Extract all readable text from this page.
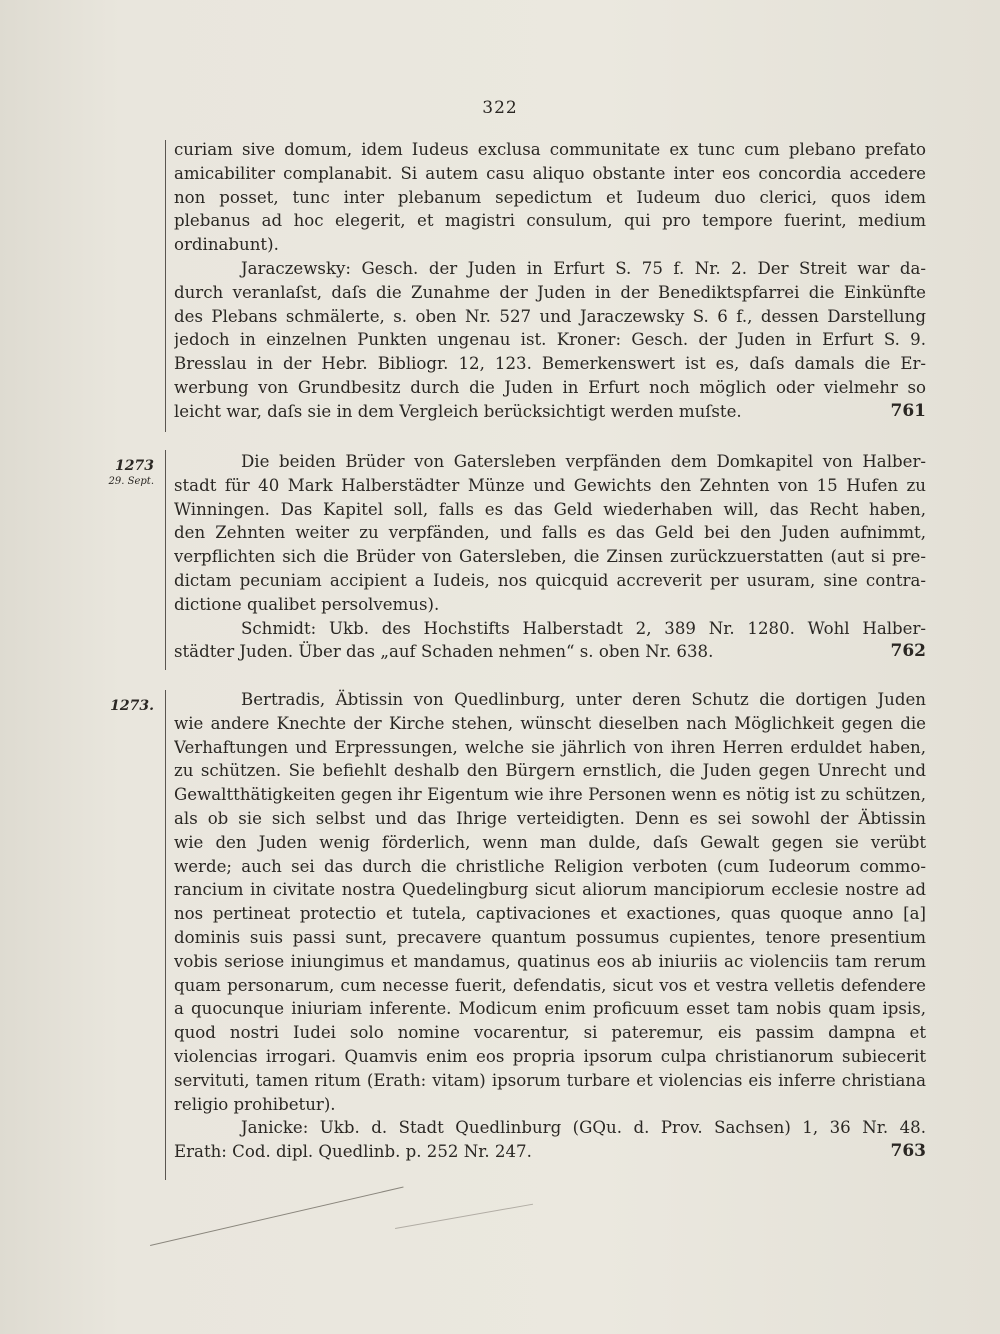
322
curiam sive domum, idem Iudeus exclusa communitate ex tunc cum plebano prefato
amicabiliter complanabit. Si autem casu aliquo obstante inter eos concordia accedere
non posset, tunc inter plebanum sepedictum et Iudeum duo clerici, quos idem
plebanus ad hoc elegerit, et magistri consulum, qui pro tempore fuerint, medium
ordinabunt).
Jaraczewsky: Gesch. der Juden in Erfurt S. 75 f. Nr. 2. Der Streit war da-
durch veranlaſst, daſs die Zunahme der Juden in der Benediktspfarrei die Einkünfte
des Plebans schmälerte, s. oben Nr. 527 und Jaraczewsky S. 6 f., dessen Darstellung
jedoch in einzelnen Punkten ungenau ist. Kroner: Gesch. der Juden in Erfurt S. 9.
Bresslau in der Hebr. Bibliogr. 12, 123. Bemerkenswert ist es, daſs damals die Er-
werbung von Grundbesitz durch die Juden in Erfurt noch möglich oder vielmehr so
leicht war, daſs sie in dem Vergleich berücksichtigt werden muſste.	761
1273
29. Sept.
Die beiden Brüder von Gatersleben verpfänden dem Domkapitel von Halber-
stadt für 40 Mark Halberstädter Münze und Gewichts den Zehnten von 15 Hufen zu
Winningen. Das Kapitel soll, falls es das Geld wiederhaben will, das Recht haben,
den Zehnten weiter zu verpfänden, und falls es das Geld bei den Juden aufnimmt,
verpflichten sich die Brüder von Gatersleben, die Zinsen zurückzuerstatten (aut si pre-
dictam pecuniam accipient a Iudeis, nos quicquid accreverit per usuram, sine contra-
dictione qualibet persolvemus).
Schmidt: Ukb. des Hochstifts Halberstadt 2, 389 Nr. 1280. Wohl Halber-
städter Juden. Über das „auf Schaden nehmen“ s. oben Nr. 638.	762
1273.	Bertradis, Äbtissin von Quedlinburg, unter deren Schutz die dortigen Juden
wie andere Knechte der Kirche stehen, wünscht dieselben nach Möglichkeit gegen die
Verhaftungen und Erpressungen, welche sie jährlich von ihren Herren erduldet haben,
zu schützen. Sie befiehlt deshalb den Bürgern ernstlich, die Juden gegen Unrecht und
Gewaltthätigkeiten gegen ihr Eigentum wie ihre Personen wenn es nötig ist zu schützen,
als ob sie sich selbst und das Ihrige verteidigten. Denn es sei sowohl der Äbtissin
wie den Juden wenig förderlich, wenn man dulde, daſs Gewalt gegen sie verübt
werde; auch sei das durch die christliche Religion verboten (cum Iudeorum commo-
rancium in civitate nostra Quedelingburg sicut aliorum mancipiorum ecclesie nostre ad
nos pertineat protectio et tutela, captivaciones et exactiones, quas quoque anno [a]
dominis suis passi sunt, precavere quantum possumus cupientes, tenore presentium
vobis seriose iniungimus et mandamus, quatinus eos ab iniuriis ac violenciis tam rerum
quam personarum, cum necesse fuerit, defendatis, sicut vos et vestra velletis defendere
a quocunque iniuriam inferente. Modicum enim proficuum esset tam nobis quam ipsis,
quod nostri Iudei solo nomine vocarentur, si pateremur, eis passim dampna et
violencias irrogari. Quamvis enim eos propria ipsorum culpa christianorum subiecerit
servituti, tamen ritum (Erath: vitam) ipsorum turbare et violencias eis inferre christiana
religio prohibetur).
Janicke: Ukb. d. Stadt Quedlinburg (GQu. d. Prov. Sachsen) 1, 36 Nr. 48.
Erath: Cod. dipl. Quedlinb. p. 252 Nr. 247.	763
